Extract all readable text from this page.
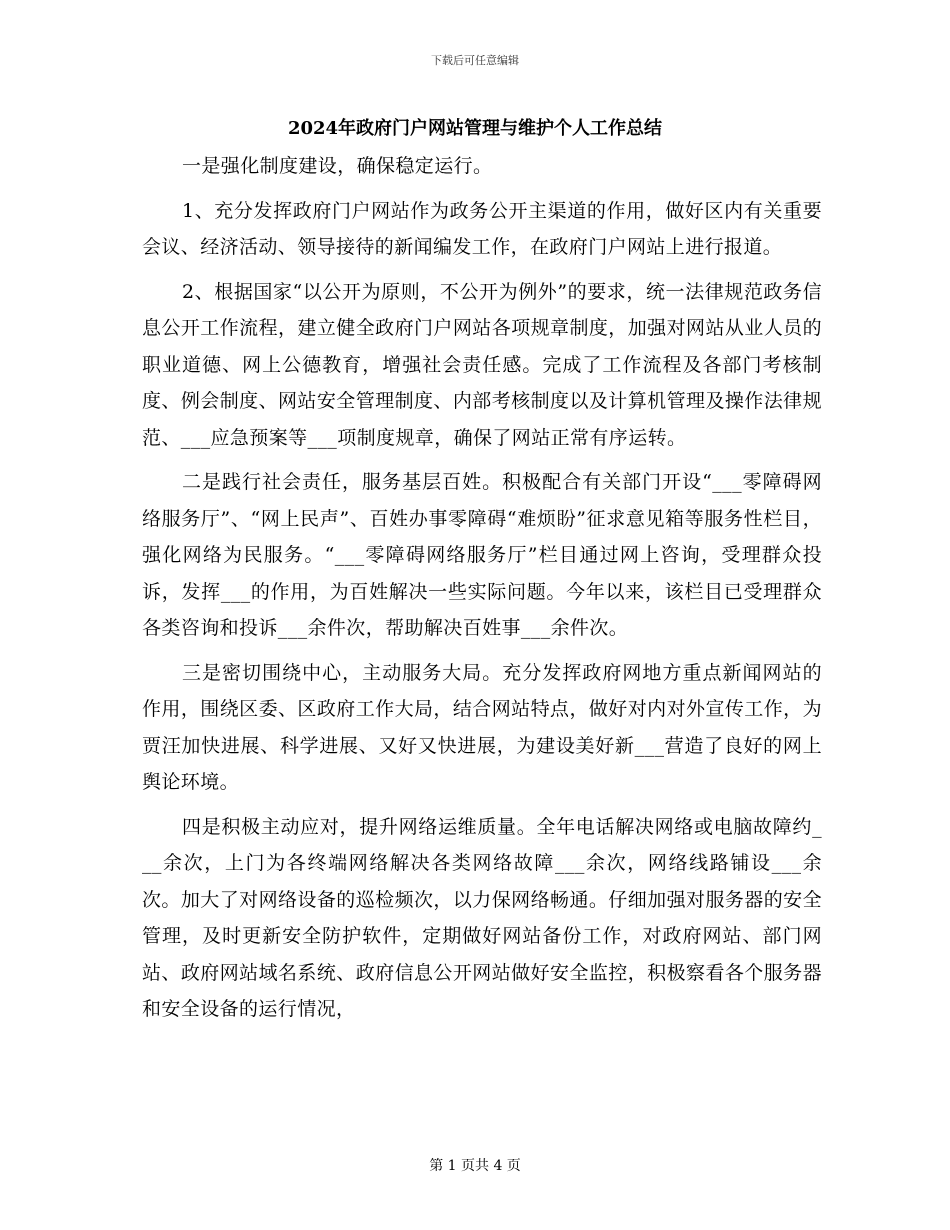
下载后可任意编辑
2024年政府门户网站管理与维护个人工作总结

一是强化制度建设，确保稳定运行。

1、充分发挥政府门户网站作为政务公开主渠道的作用，做好区内有关重要会议、经济活动、领导接待的新闻编发工作，在政府门户网站上进行报道。

2、根据国家“以公开为原则，不公开为例外”的要求，统一法律规范政务信息公开工作流程，建立健全政府门户网站各项规章制度，加强对网站从业人员的职业道德、网上公德教育，增强社会责任感。完成了工作流程及各部门考核制度、例会制度、网站安全管理制度、内部考核制度以及计算机管理及操作法律规范、___应急预案等___项制度规章，确保了网站正常有序运转。

二是践行社会责任，服务基层百姓。积极配合有关部门开设“___零障碍网络服务厅”、“网上民声”、百姓办事零障碍“难烦盼”征求意见箱等服务性栏目，强化网络为民服务。“___零障碍网络服务厅”栏目通过网上咨询，受理群众投诉，发挥___的作用，为百姓解决一些实际问题。今年以来，该栏目已受理群众各类咨询和投诉___余件次，帮助解决百姓事___余件次。

三是密切围绕中心，主动服务大局。充分发挥政府网地方重点新闻网站的作用，围绕区委、区政府工作大局，结合网站特点，做好对内对外宣传工作，为贾汪加快进展、科学进展、又好又快进展，为建设美好新___营造了良好的网上舆论环境。

四是积极主动应对，提升网络运维质量。全年电话解决网络或电脑故障约___余次，上门为各终端网络解决各类网络故障___余次，网络线路铺设___余次。加大了对网络设备的巡检频次，以力保网络畅通。仔细加强对服务器的安全管理，及时更新安全防护软件，定期做好网站备份工作，对政府网站、部门网站、政府网站域名系统、政府信息公开网站做好安全监控，积极察看各个服务器和安全设备的运行情况，

第 1 页共 4 页
